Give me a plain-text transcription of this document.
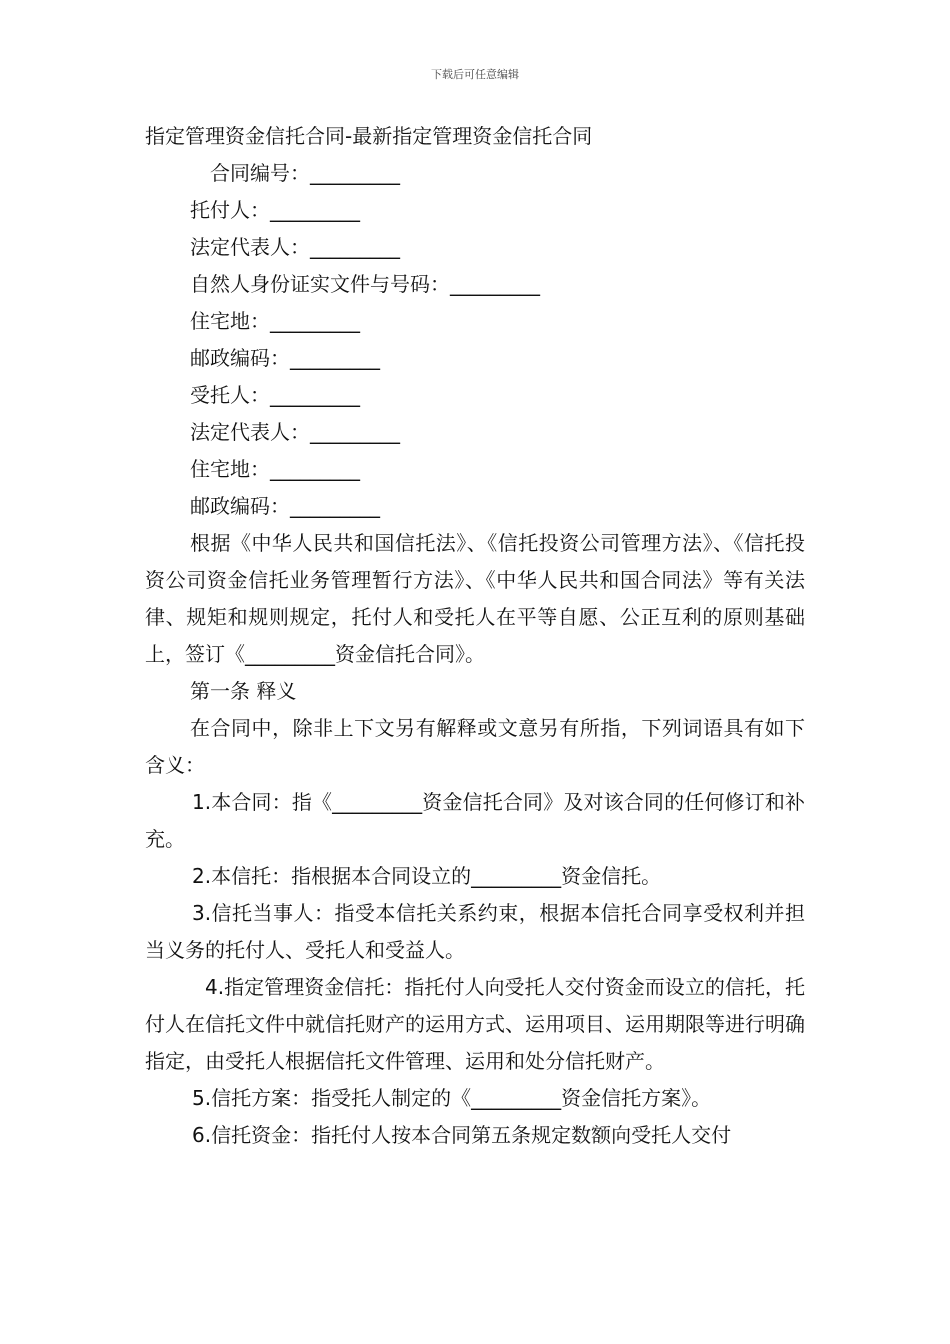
下载后可任意编辑

指定管理资金信托合同-最新指定管理资金信托合同

合同编号：_________

托付人：_________

法定代表人：_________

自然人身份证实文件与号码：_________

住宅地：_________

邮政编码：_________

受托人：_________

法定代表人：_________

住宅地：_________

邮政编码：_________

根据《中华人民共和国信托法》、《信托投资公司管理方法》、《信托投资公司资金信托业务管理暂行方法》、《中华人民共和国合同法》等有关法律、规矩和规则规定，托付人和受托人在平等自愿、公正互利的原则基础上，签订《_________资金信托合同》。

第一条 释义

在合同中，除非上下文另有解释或文意另有所指，下列词语具有如下含义：

1.本合同：指《_________资金信托合同》及对该合同的任何修订和补充。

2.本信托：指根据本合同设立的_________资金信托。

3.信托当事人：指受本信托关系约束，根据本信托合同享受权利并担当义务的托付人、受托人和受益人。

4.指定管理资金信托：指托付人向受托人交付资金而设立的信托，托付人在信托文件中就信托财产的运用方式、运用项目、运用期限等进行明确指定，由受托人根据信托文件管理、运用和处分信托财产。

5.信托方案：指受托人制定的《_________资金信托方案》。

6.信托资金：指托付人按本合同第五条规定数额向受托人交付
